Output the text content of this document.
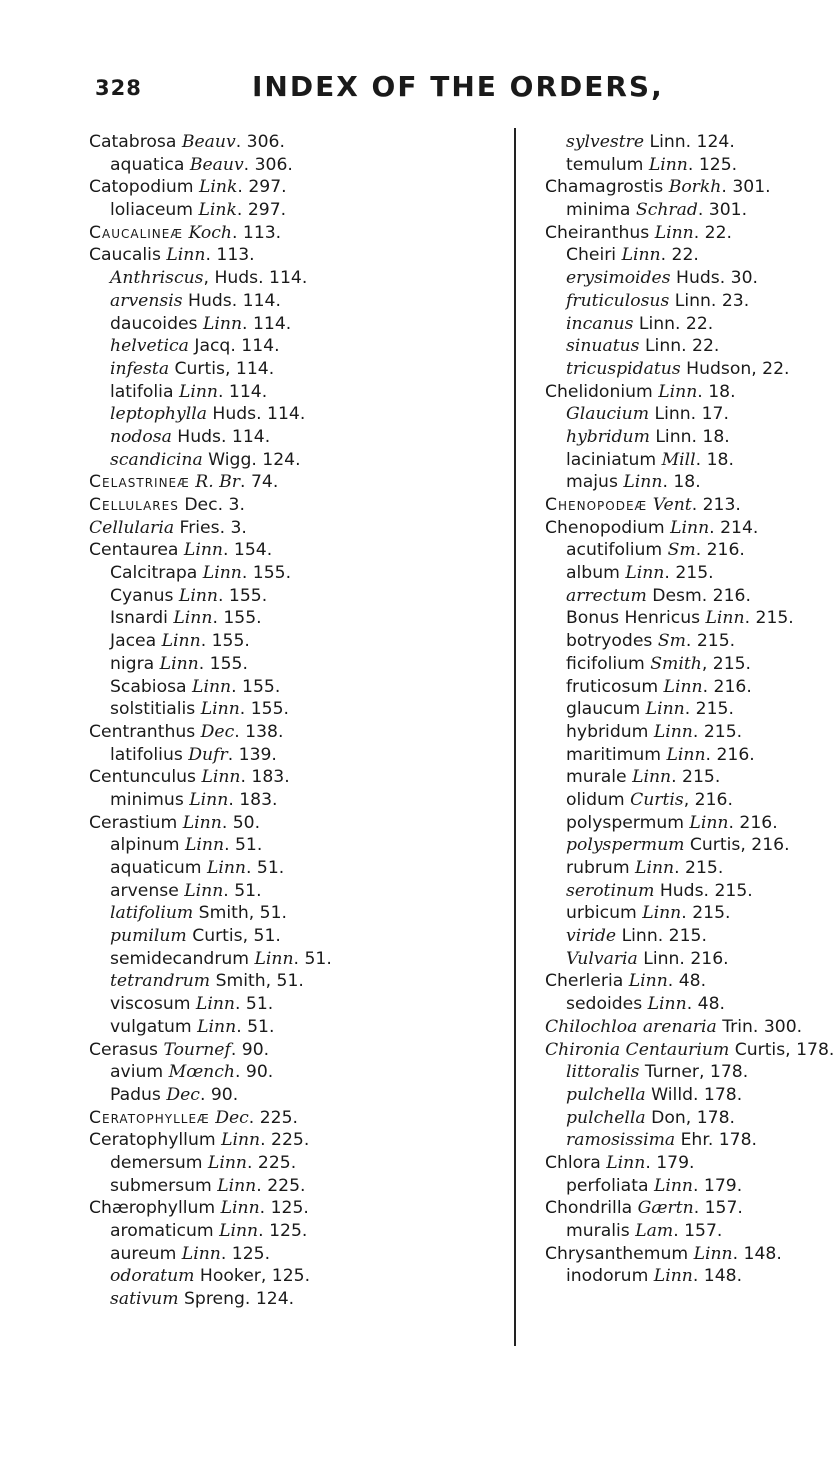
328	INDEX OF THE ORDERS,
Catabrosa Beauv. 306.
aquatica Beauv. 306.
Catopodium Link. 297.
loliaceum Link. 297.
Caucalineæ Koch. 113.
Caucalis Linn. 113.
Anthriscus, Huds. 114.
arvensis Huds. 114.
daucoides Linn. 114.
helvetica Jacq. 114.
infesta Curtis, 114.
latifolia Linn. 114.
leptophylla Huds. 114.
nodosa Huds. 114.
scandicina Wigg. 124.
Celastrineæ R. Br. 74.
Cellulares Dec. 3.
Cellularia Fries. 3.
Centaurea Linn. 154.
Calcitrapa Linn. 155.
Cyanus Linn. 155.
Isnardi Linn. 155.
Jacea Linn. 155.
nigra Linn. 155.
Scabiosa Linn. 155.
solstitialis Linn. 155.
Centranthus Dec. 138.
latifolius Dufr. 139.
Centunculus Linn. 183.
minimus Linn. 183.
Cerastium Linn. 50.
alpinum Linn. 51.
aquaticum Linn. 51.
arvense Linn. 51.
latifolium Smith, 51.
pumilum Curtis, 51.
semidecandrum Linn. 51.
tetrandrum Smith, 51.
viscosum Linn. 51.
vulgatum Linn. 51.
Cerasus Tournef. 90.
avium Mœnch. 90.
Padus Dec. 90.
Ceratophylleæ Dec. 225.
Ceratophyllum Linn. 225.
demersum Linn. 225.
submersum Linn. 225.
Chærophyllum Linn. 125.
aromaticum Linn. 125.
aureum Linn. 125.
odoratum Hooker, 125.
sativum Spreng. 124.
sylvestre Linn. 124.
temulum Linn. 125.
Chamagrostis Borkh. 301.
minima Schrad. 301.
Cheiranthus Linn. 22.
Cheiri Linn. 22.
erysimoides Huds. 30.
fruticulosus Linn. 23.
incanus Linn. 22.
sinuatus Linn. 22.
tricuspidatus Hudson, 22.
Chelidonium Linn. 18.
Glaucium Linn. 17.
hybridum Linn. 18.
laciniatum Mill. 18.
majus Linn. 18.
Chenopodeæ Vent. 213.
Chenopodium Linn. 214.
acutifolium Sm. 216.
album Linn. 215.
arrectum Desm. 216.
Bonus Henricus Linn. 215.
botryodes Sm. 215.
ficifolium Smith, 215.
fruticosum Linn. 216.
glaucum Linn. 215.
hybridum Linn. 215.
maritimum Linn. 216.
murale Linn. 215.
olidum Curtis, 216.
polyspermum Linn. 216.
polyspermum Curtis, 216.
rubrum Linn. 215.
serotinum Huds. 215.
urbicum Linn. 215.
viride Linn. 215.
Vulvaria Linn. 216.
Cherleria Linn. 48.
sedoides Linn. 48.
Chilochloa arenaria Trin. 300.
Chironia Centaurium Curtis, 178.
littoralis Turner, 178.
pulchella Willd. 178.
pulchella Don, 178.
ramosissima Ehr. 178.
Chlora Linn. 179.
perfoliata Linn. 179.
Chondrilla Gærtn. 157.
muralis Lam. 157.
Chrysanthemum Linn. 148.
inodorum Linn. 148.
